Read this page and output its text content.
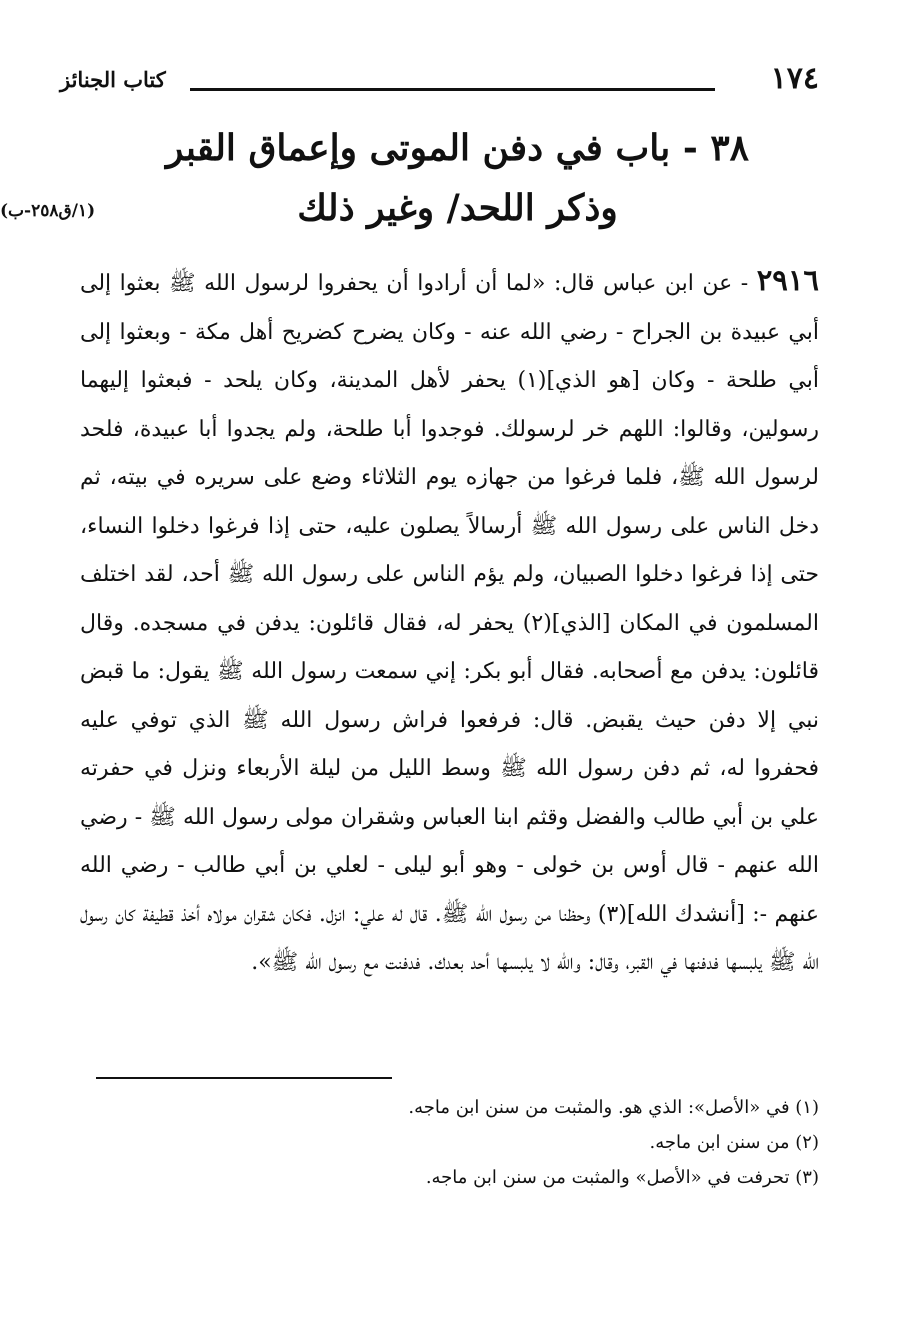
١٧٤
كتاب الجنائز
٣٨ - باب في دفن الموتى وإعماق القبر
وذكر اللحد/ وغير ذلك
(١/ق٢٥٨-ب)
٢٩١٦ - عن ابن عباس قال: «لما أن أرادوا أن يحفروا لرسول الله ﷺ بعثوا إلى أبي عبيدة بن الجراح - رضي الله عنه - وكان يضرح كضريح أهل مكة - وبعثوا إلى أبي طلحة - وكان [هو الذي](١) يحفر لأهل المدينة، وكان يلحد - فبعثوا إليهما رسولين، وقالوا: اللهم خر لرسولك. فوجدوا أبا طلحة، ولم يجدوا أبا عبيدة، فلحد لرسول الله ﷺ، فلما فرغوا من جهازه يوم الثلاثاء وضع على سريره في بيته، ثم دخل الناس على رسول الله ﷺ أرسالاً يصلون عليه، حتى إذا فرغوا دخلوا النساء، حتى إذا فرغوا دخلوا الصبيان، ولم يؤم الناس على رسول الله ﷺ أحد، لقد اختلف المسلمون في المكان [الذي](٢) يحفر له، فقال قائلون: يدفن في مسجده. وقال قائلون: يدفن مع أصحابه. فقال أبو بكر: إني سمعت رسول الله ﷺ يقول: ما قبض نبي إلا دفن حيث يقبض. قال: فرفعوا فراش رسول الله ﷺ الذي توفي عليه فحفروا له، ثم دفن رسول الله ﷺ وسط الليل من ليلة الأربعاء ونزل في حفرته علي بن أبي طالب والفضل وقثم ابنا العباس وشقران مولى رسول الله ﷺ - رضي الله عنهم - قال أوس بن خولى - وهو أبو ليلى - لعلي بن أبي طالب - رضي الله عنهم -: [أنشدك الله](٣) وحظنا من رسول الله ﷺ. قال له علي: انزل. فكان شقران مولاه أخذ قطيفة كان رسول الله ﷺ يلبسها فدفنها في القبر، وقال: والله لا يلبسها أحد بعدك. فدفنت مع رسول الله ﷺ».
(١) في «الأصل»: الذي هو. والمثبت من سنن ابن ماجه.
(٢) من سنن ابن ماجه.
(٣) تحرفت في «الأصل» والمثبت من سنن ابن ماجه.
